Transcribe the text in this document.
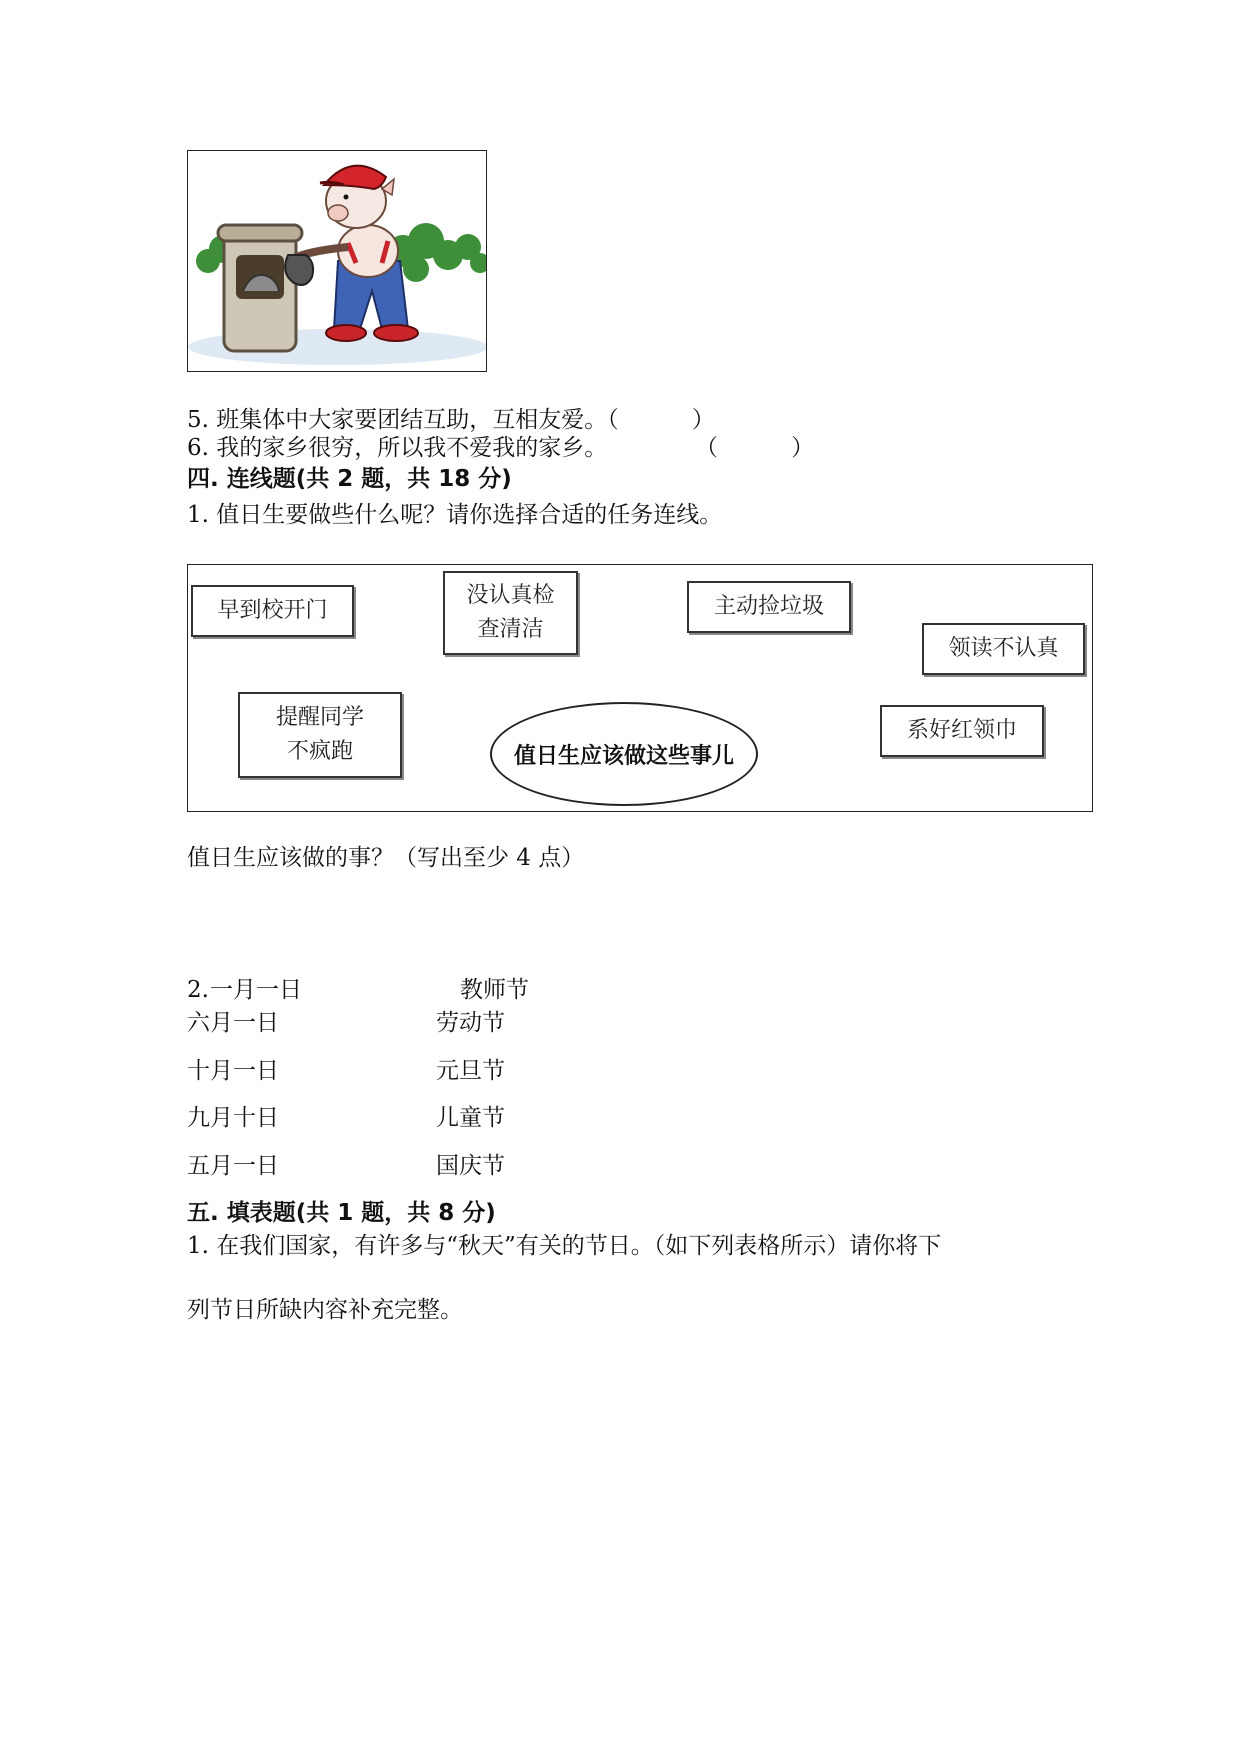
5. 班集体中大家要团结互助，互相友爱。（          ）
6. 我的家乡很穷，所以我不爱我的家乡。            （          ）
四. 连线题(共 2 题，共 18 分)
1. 值日生要做些什么呢？请你选择合适的任务连线。
早到校开门
没认真检
查清洁
主动捡垃圾
领读不认真
提醒同学
不疯跑	值日生应该做这些事儿
系好红领巾
值日生应该做的事？（写出至少 4 点）
2. 一月一日	教师节
六月一日	劳动节
十月一日	元旦节
九月十日	儿童节
五月一日	国庆节
五. 填表题(共 1 题，共 8 分)
1. 在我们国家，有许多与“秋天”有关的节日。（如下列表格所示）请你将下
列节日所缺内容补充完整。
